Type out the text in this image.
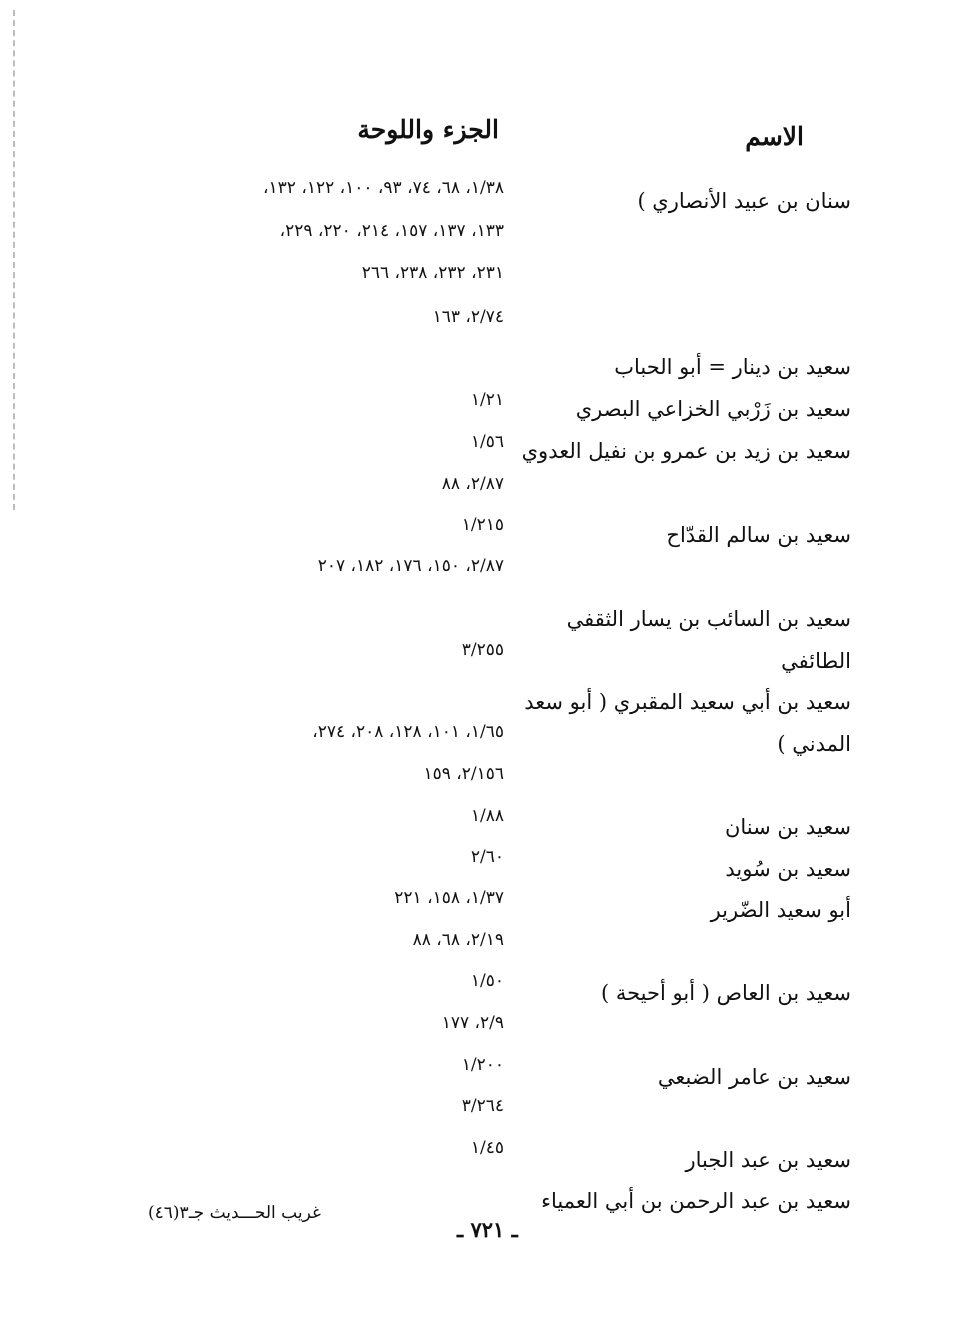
الاسم
الجزء واللوحة
سنان بن عبيد الأنصاري )
سعيد بن دينار = أبو الحباب
سعيد بن زَرْبي الخزاعي البصري
سعيد بن زيد بن عمرو بن نفيل العدوي
سعيد بن سالم القدّاح
سعيد بن السائب بن يسار الثقفي
الطائفي
سعيد بن أبي سعيد المقبري ( أبو سعد
المدني )
سعيد بن سنان
سعيد بن سُويد
أبو سعيد الضّرير
سعيد بن العاص ( أبو أحيحة )
سعيد بن عامر الضبعي
سعيد بن عبد الجبار
سعيد بن عبد الرحمن بن أبي العمياء
١/٣٨، ٦٨، ٧٤، ٩٣، ١٠٠، ١٢٢، ١٣٢،
١٣٣، ١٣٧، ١٥٧، ٢١٤، ٢٢٠، ٢٢٩،
٢٣١، ٢٣٢، ٢٣٨، ٢٦٦
٢/٧٤، ١٦٣
١/٢١
١/٥٦
٢/٨٧، ٨٨
١/٢١٥
٢/٨٧، ١٥٠، ١٧٦، ١٨٢، ٢٠٧
٣/٢٥٥
١/٦٥، ١٠١، ١٢٨، ٢٠٨، ٢٧٤،
٢/١٥٦، ١٥٩
١/٨٨
٢/٦٠
١/٣٧، ١٥٨، ٢٢١
٢/١٩، ٦٨، ٨٨
١/٥٠
٢/٩، ١٧٧
١/٢٠٠
٣/٢٦٤
١/٤٥
غريب الحـــديث جـ٣(٤٦)
ـ ٧٢١ ـ
